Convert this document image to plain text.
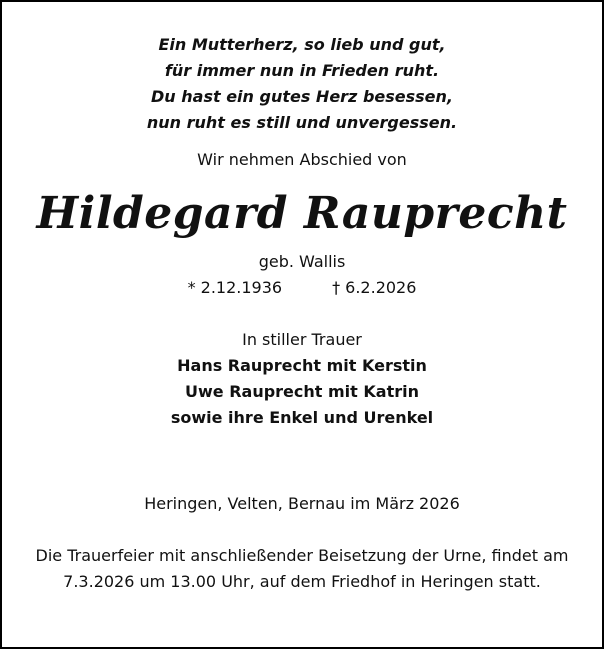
Ein Mutterherz, so lieb und gut,
für immer nun in Frieden ruht.
Du hast ein gutes Herz besessen,
nun ruht es still und unvergessen.
Wir nehmen Abschied von
Hildegard Rauprecht
geb. Wallis
* 2.12.1936	† 6.2.2026
In stiller Trauer
Hans Rauprecht mit Kerstin
Uwe Rauprecht mit Katrin
sowie ihre Enkel und Urenkel
Heringen, Velten, Bernau im März 2026
Die Trauerfeier mit anschließender Beisetzung der Urne, findet am
7.3.2026 um 13.00 Uhr, auf dem Friedhof in Heringen statt.
